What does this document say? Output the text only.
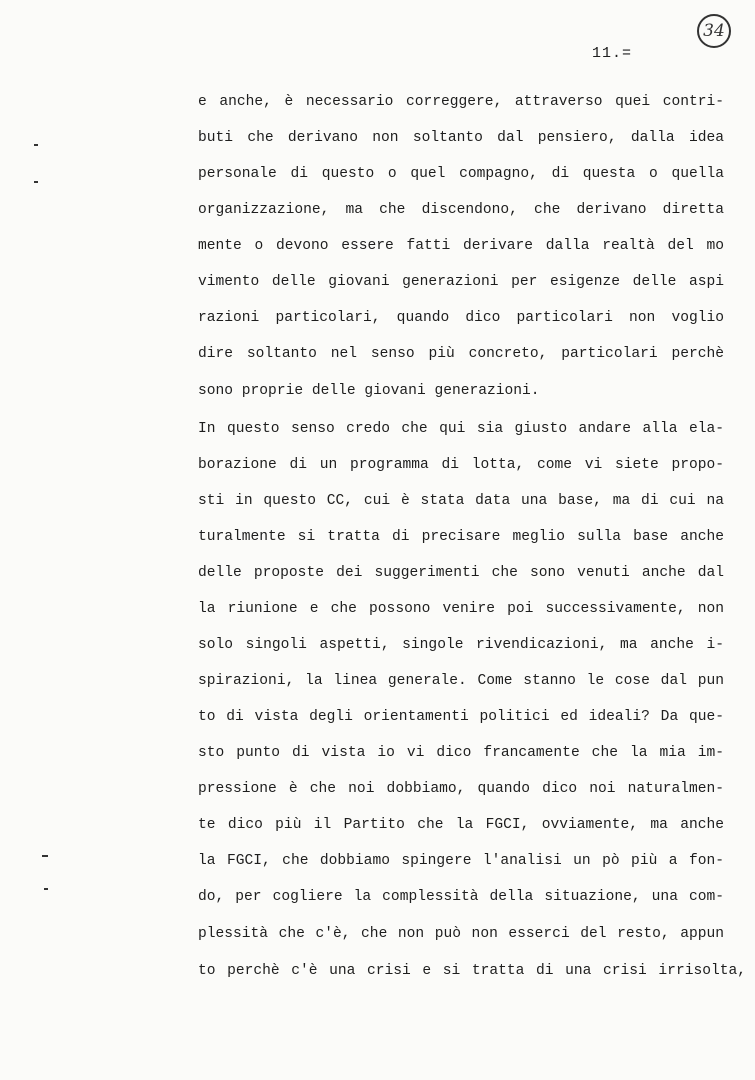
34
11.=
e anche, è necessario correggere, attraverso quei contri-
buti che derivano non soltanto dal pensiero, dalla idea
personale di questo o quel compagno, di questa o quella
organizzazione, ma che discendono, che derivano diretta
mente o devono essere fatti derivare dalla realtà del mo
vimento delle giovani generazioni per esigenze delle aspi
razioni particolari, quando dico particolari non voglio
dire soltanto nel senso più concreto, particolari perchè
sono proprie delle giovani generazioni.
In questo senso credo che qui sia giusto andare alla ela-
borazione di un programma di lotta, come vi siete propo-
sti in questo CC, cui è stata data una base, ma di cui na
turalmente si tratta di precisare meglio sulla base anche
delle proposte dei suggerimenti che sono venuti anche dal
la riunione e che possono venire poi successivamente, non
solo singoli aspetti, singole rivendicazioni, ma anche i-
spirazioni, la linea generale. Come stanno le cose dal pun
to di vista degli orientamenti politici ed ideali? Da que-
sto punto di vista io vi dico francamente che la mia im-
pressione è che noi dobbiamo, quando dico noi naturalmen-
te dico più il Partito che la FGCI, ovviamente, ma anche
la FGCI, che dobbiamo spingere l'analisi un pò più a fon-
do, per cogliere la complessità della situazione, una com-
plessità che c'è, che non può non esserci del resto, appun
to perchè c'è una crisi e si tratta di una crisi irrisolta,
